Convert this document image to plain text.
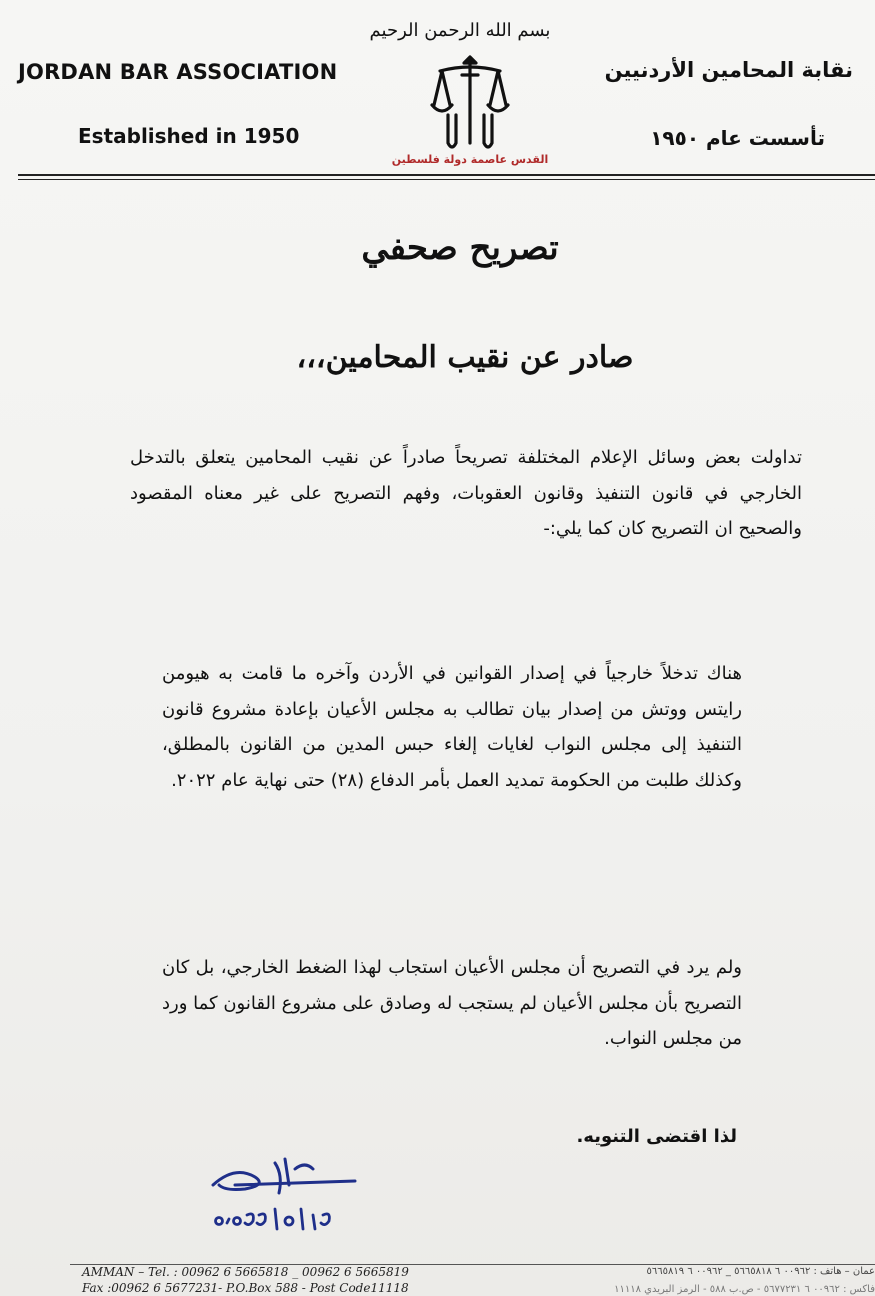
بسم الله الرحمن الرحيم
JORDAN BAR ASSOCIATION
Established in 1950
نقابة المحامين الأردنيين
تأسست عام ١٩٥٠
القدس عاصمة دولة فلسطين
تصريح صحفي
صادر عن نقيب المحامين،،،
تداولت بعض وسائل الإعلام المختلفة تصريحاً صادراً عن نقيب المحامين يتعلق بالتدخل الخارجي في قانون التنفيذ وقانون العقوبات، وفهم التصريح على غير معناه المقصود والصحيح ان التصريح كان كما يلي:-
هناك تدخلاً خارجياً في إصدار القوانين في الأردن وآخره ما قامت به هيومن رايتس ووتش من إصدار بيان تطالب به مجلس الأعيان بإعادة مشروع قانون التنفيذ إلى مجلس النواب لغايات إلغاء حبس المدين من القانون بالمطلق، وكذلك طلبت من الحكومة تمديد العمل بأمر الدفاع (٢٨) حتى نهاية عام ٢٠٢٢.
ولم يرد في التصريح أن مجلس الأعيان استجاب لهذا الضغط الخارجي، بل كان التصريح بأن مجلس الأعيان لم يستجب له وصادق على مشروع القانون كما ورد من مجلس النواب.
لذا اقتضى التنويه.
AMMAN – Tel. : 00962 6 5665818 _ 00962 6 5665819
Fax :00962 6 5677231- P.O.Box 588 - Post Code11118
عمان – هاتف : ٠٠٩٦٢ ٦ ٥٦٦٥٨١٨ _ ٠٠٩٦٢ ٦ ٥٦٦٥٨١٩
فاكس : ٠٠٩٦٢ ٦ ٥٦٧٧٢٣١ - ص.ب ٥٨٨ - الرمز البريدي ١١١١٨
